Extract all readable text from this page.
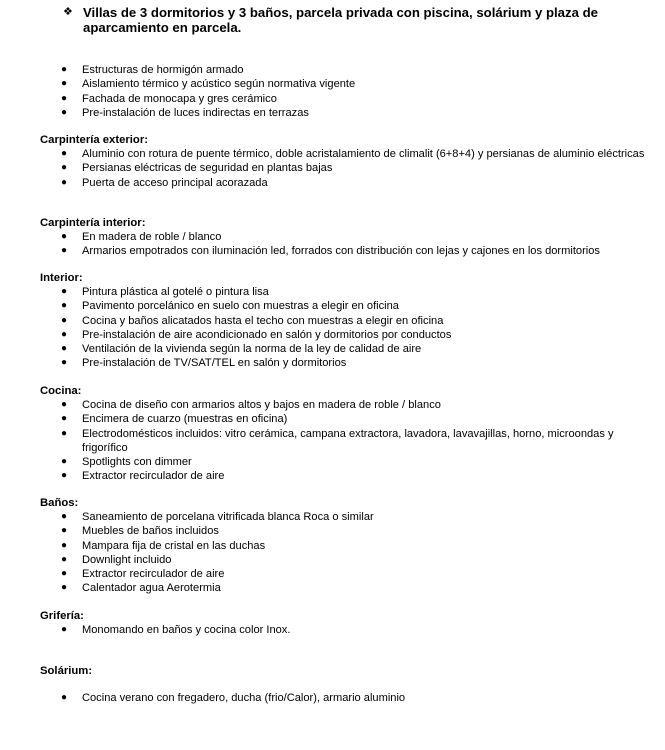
❖ Villas de 3 dormitorios y 3 baños, parcela privada con piscina, solárium y plaza de aparcamiento en parcela.
● Estructuras de hormigón armado
● Aislamiento térmico y acústico según normativa vigente
● Fachada de monocapa y gres cerámico
● Pre-instalación de luces indirectas en terrazas
Carpintería exterior:
● Aluminio con rotura de puente térmico, doble acristalamiento de climalit (6+8+4) y persianas de aluminio eléctricas
● Persianas eléctricas de seguridad en plantas bajas
● Puerta de acceso principal acorazada
Carpintería interior:
● En madera de roble / blanco
● Armarios empotrados con iluminación led, forrados con distribución con lejas y cajones en los dormitorios
Interior:
● Pintura plástica al gotelé o pintura lisa
● Pavimento porcelánico en suelo con muestras a elegir en oficina
● Cocina y baños alicatados hasta el techo con muestras a elegir en oficina
● Pre-instalación de aire acondicionado en salón y dormitorios por conductos
● Ventilación de la vivienda según la norma de la ley de calidad de aire
● Pre-instalación de TV/SAT/TEL en salón y dormitorios
Cocina:
● Cocina de diseño con armarios altos y bajos en madera de roble / blanco
● Encimera de cuarzo (muestras en oficina)
● Electrodomésticos incluidos: vitro cerámica, campana extractora, lavadora, lavavajillas, horno, microondas y frigorífico
● Spotlights con dimmer
● Extractor recirculador de aire
Baños:
● Saneamiento de porcelana vitrificada blanca Roca o similar
● Muebles de baños incluidos
● Mampara fija de cristal en las duchas
● Downlight incluido
● Extractor recirculador de aire
● Calentador agua Aerotermia
Grifería:
● Monomando en baños y cocina color Inox.
Solárium:
● Cocina verano con fregadero, ducha (frio/Calor), armario aluminio
